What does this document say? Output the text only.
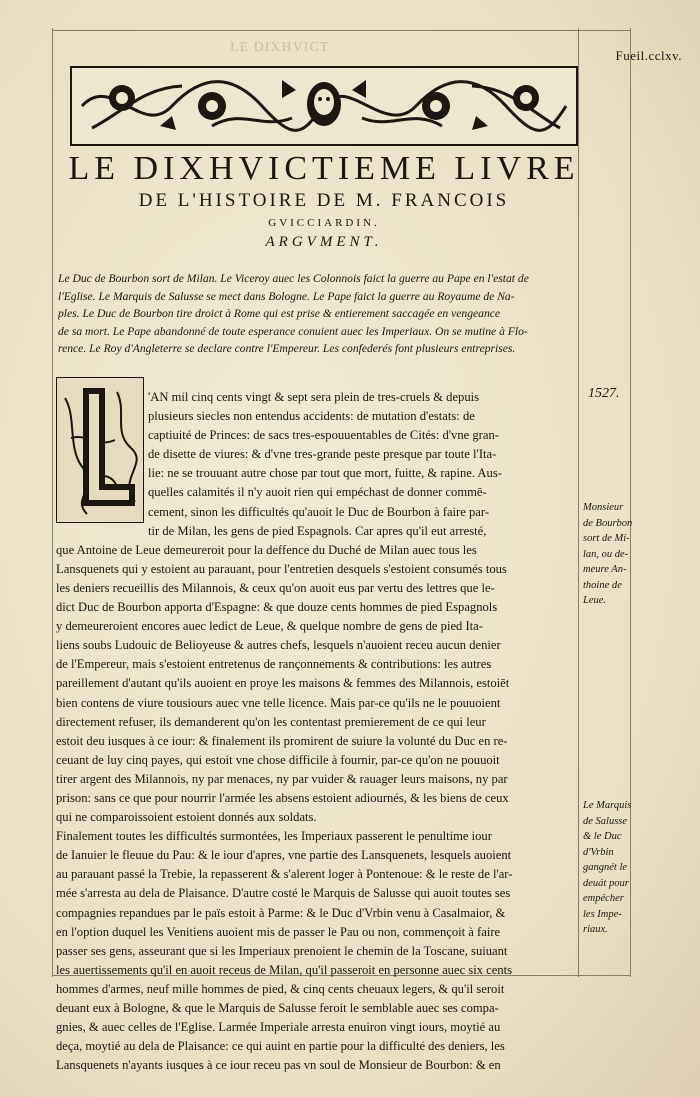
LE DIXHVICT
Fueil.cclxv.
LE DIXHVICTIEME LIVRE
DE L'HISTOIRE DE M. FRANCOIS
GVICCIARDIN.
ARGVMENT.
Le Duc de Bourbon sort de Milan. Le Viceroy auec les Colonnois faict la guerre au Pape en l'estat de
l'Eglise. Le Marquis de Salusse se mect dans Bologne. Le Pape faict la guerre au Royaume de Na-
ples. Le Duc de Bourbon tire droict à Rome qui est prise & entierement saccagée en vengeance
de sa mort. Le Pape abandonné de toute esperance conuient auec les Imperiaux. On se mutine à Flo-
rence. Le Roy d'Angleterre se declare contre l'Empereur. Les confederés font plusieurs entreprises.
1527.
'AN mil cinq cents vingt & sept sera plein de tres-cruels & depuis
plusieurs siecles non entendus accidents: de mutation d'estats: de
captiuité de Princes: de sacs tres-espouuentables de Cités: d'vne gran-
de disette de viures: & d'vne tres-grande peste presque par toute l'Ita-
lie: ne se trouuant autre chose par tout que mort, fuitte, & rapine. Aus-
quelles calamités il n'y auoit rien qui empéchast de donner commē-
cement, sinon les difficultés qu'auoit le Duc de Bourbon à faire par-
tir de Milan, les gens de pied Espagnols. Car apres qu'il eut arresté,
que Antoine de Leue demeureroit pour la deffence du Duché de Milan auec tous les
Lansquenets qui y estoient au parauant, pour l'entretien desquels s'estoient consumés tous
les deniers recueillis des Milannois, & ceux qu'on auoit eus par vertu des lettres que le-
dict Duc de Bourbon apporta d'Espagne: & que douze cents hommes de pied Espagnols
y demeureroient encores auec ledict de Leue, & quelque nombre de gens de pied Ita-
liens soubs Ludouic de Belioyeuse & autres chefs, lesquels n'auoient receu aucun denier
de l'Empereur, mais s'estoient entretenus de rançonnements & contributions: les autres
pareillement d'autant qu'ils auoient en proye les maisons & femmes des Milannois, estoiēt
bien contens de viure tousiours auec vne telle licence. Mais par-ce qu'ils ne le pouuoient
directement refuser, ils demanderent qu'on les contentast premierement de ce qui leur
estoit deu iusques à ce iour: & finalement ils promirent de suiure la volunté du Duc en re-
ceuant de luy cinq payes, qui estoit vne chose difficile à fournir, par-ce qu'on ne pouuoit
tirer argent des Milannois, ny par menaces, ny par vuider & rauager leurs maisons, ny par
prison: sans ce que pour nourrir l'armée les absens estoient adiournés, & les biens de ceux
qui ne comparoissoient estoient donnés aux soldats.
Finalement toutes les difficultés surmontées, les Imperiaux passerent le penultime iour
de Ianuier le fleuue du Pau: & le iour d'apres, vne partie des Lansquenets, lesquels auoient
au parauant passé la Trebie, la repasserent & s'alerent loger à Pontenoue: & le reste de l'ar-
mée s'arresta au dela de Plaisance. D'autre costé le Marquis de Salusse qui auoit toutes ses
compagnies repandues par le païs estoit à Parme: & le Duc d'Vrbin venu à Casalmaior, &
en l'option duquel les Venitiens auoient mis de passer le Pau ou non, commençoit à faire
passer ses gens, asseurant que si les Imperiaux prenoient le chemin de la Toscane, suiuant
les auertissements qu'il en auoit receus de Milan, qu'il passeroit en personne auec six cents
hommes d'armes, neuf mille hommes de pied, & cinq cents cheuaux legers, & qu'il seroit
deuant eux à Bologne, & que le Marquis de Salusse feroit le semblable auec ses compa-
gnies, & auec celles de l'Eglise. Larmée Imperiale arresta enuiron vingt iours, moytié au
deça, moytié au dela de Plaisance: ce qui auint en partie pour la difficulté des deniers, les
Lansquenets n'ayants iusques à ce iour receu pas vn soul de Monsieur de Bourbon: & en
Monsieur
de Bourbon
sort de Mi-
lan, ou de-
meure An-
thoine de
Leue.
Le Marquis
de Salusse
& le Duc
d'Vrbin
gangnét le
deuát pour
empécher
les Impe-
riaux.
